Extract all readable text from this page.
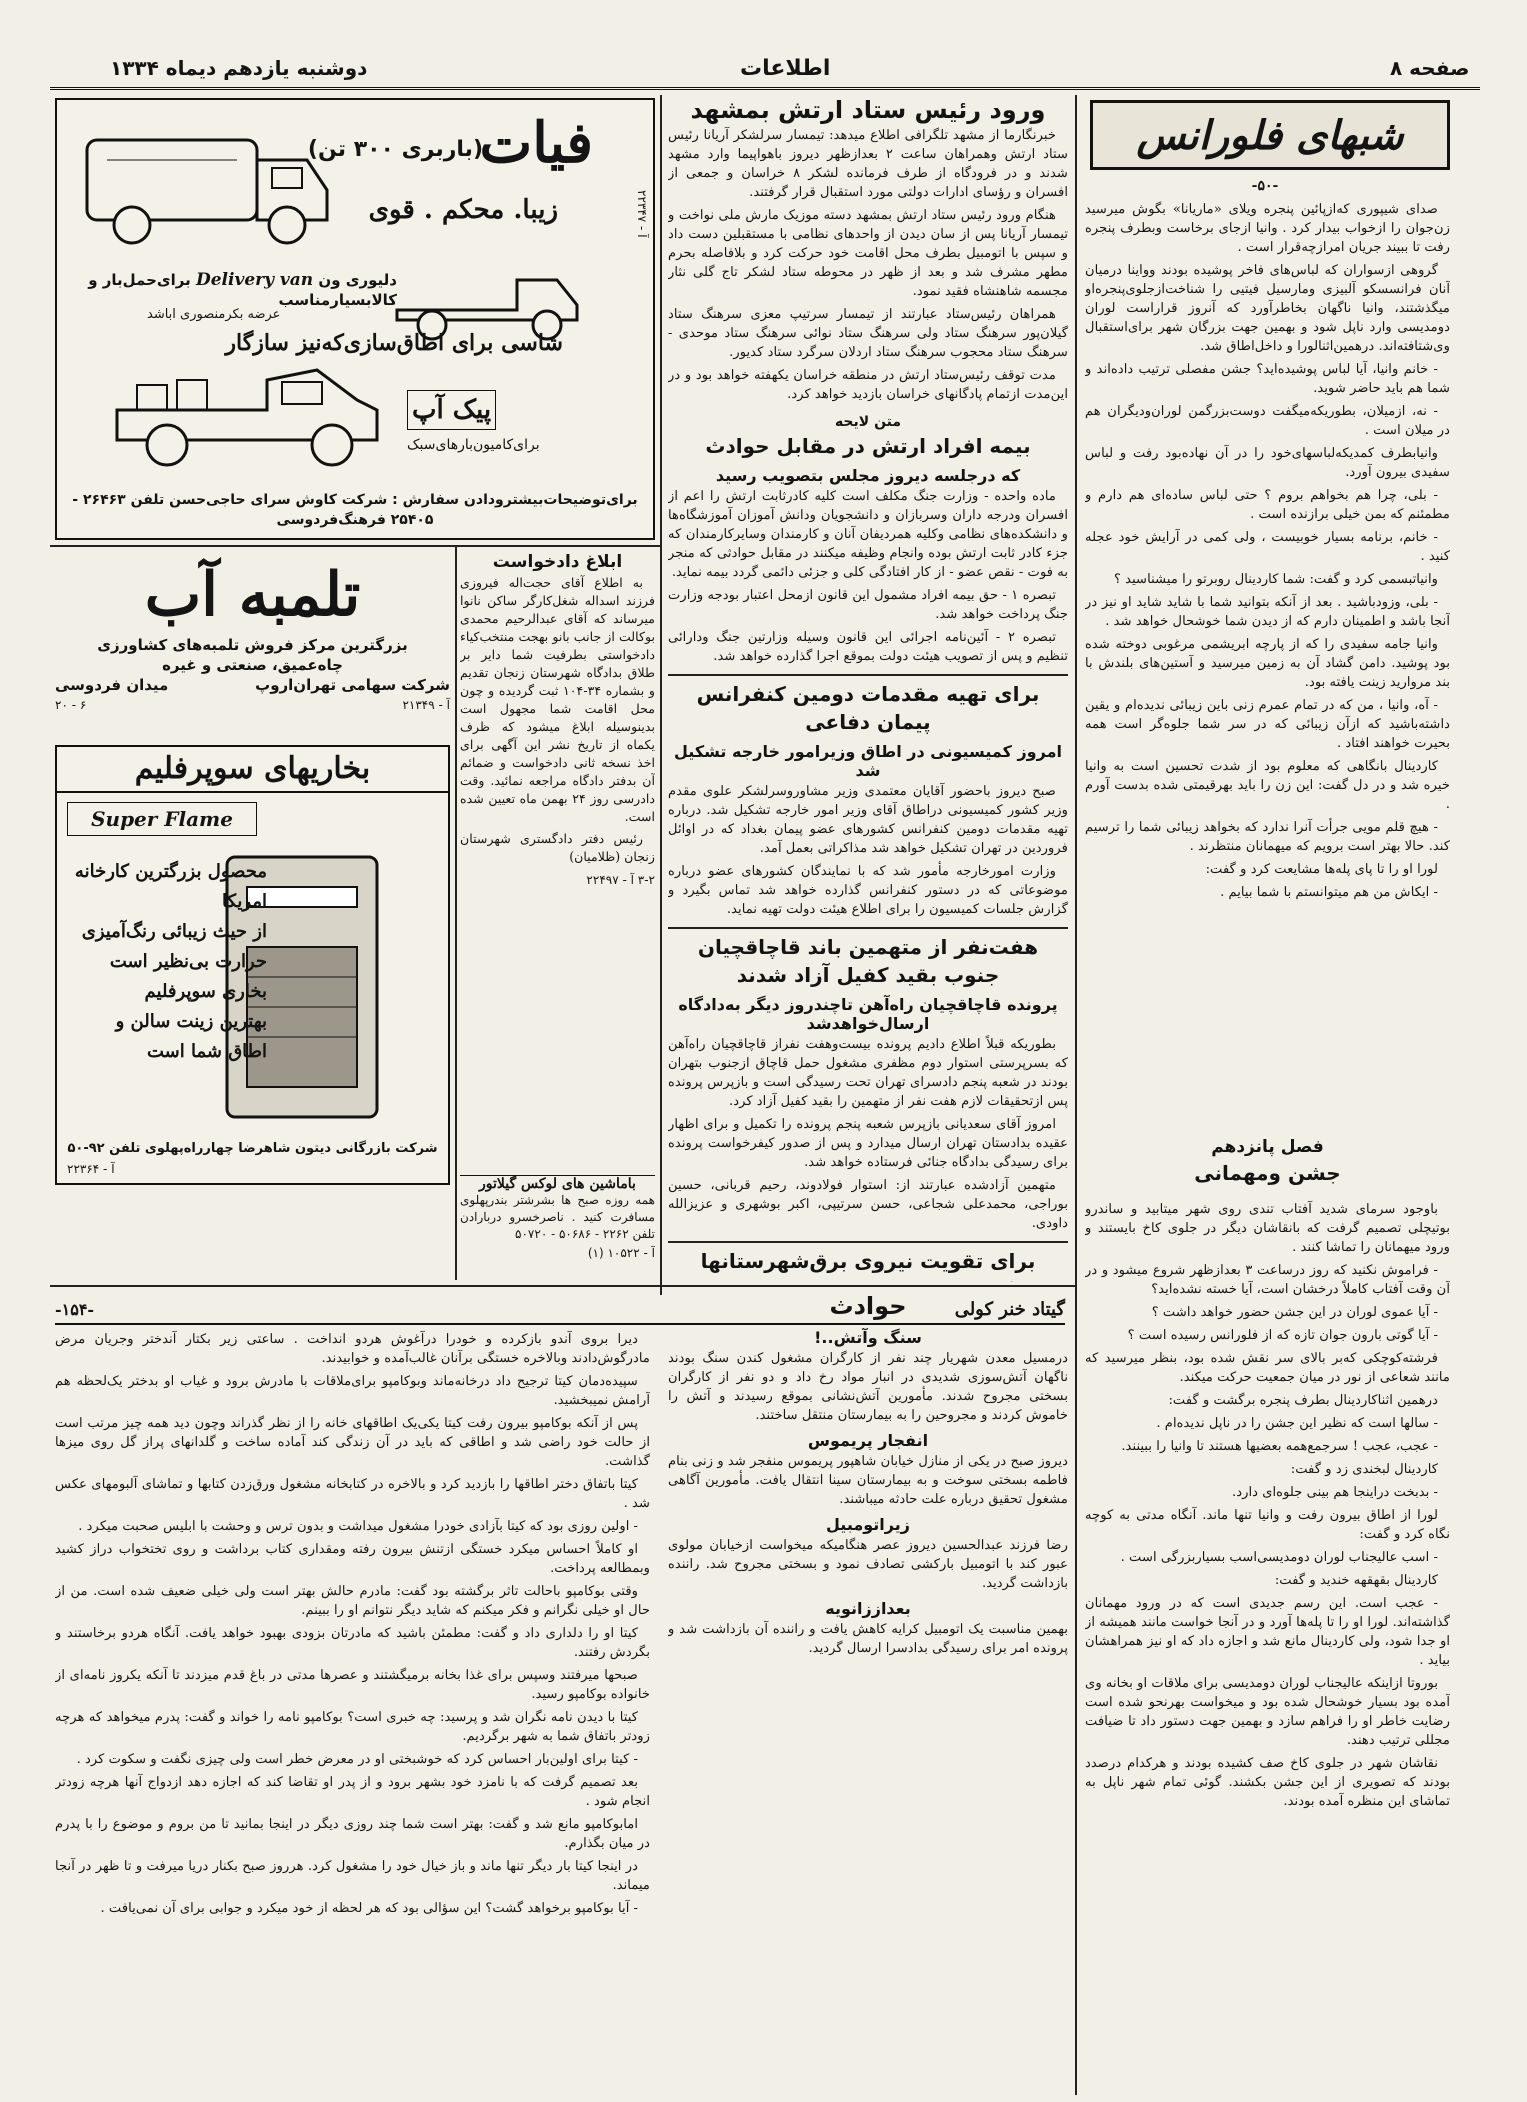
دوشنبه یازدهم دیماه ۱۳۳۴	اطلاعات	صفحه ۸
شبهای فلورانس
-۵۰-

صدای شیپوری که‌ازپائین پنجره ویلای «ماریانا» بگوش میرسید زن‌جوان را ازخواب بیدار کرد . وانیا ازجای برخاست وبطرف پنجره رفت تا ببیند جریان امراز‌چه‌قرار است .

گروهی ازسواران که لباس‌های فاخر پوشیده بودند وواینا درمیان آنان فرانسسکو آلبیزی ومارسیل فیتیی را شناخت‌ازجلوی‌پنجره‌او میگذشتند، وانیا ناگهان بخاطرآورد که آنروز قراراست لوران دومدیسی وارد ناپل شود و بهمین جهت بزرگان شهر‌ برای‌استقبال وی‌شتافته‌اند. درهمین‌اثنا‌لورا و داخل‌اطاق شد.

- خانم وانیا، آیا لباس پوشیده‌اید؟ جشن مفصلی ترتیب داده‌اند و شما هم باید حاضر شوید.

- نه، ازمیلان، بطوریکه‌میگفت دوست‌بزرگمن لوران‌ودیگران هم در میلان است .

وانیابطرف کمدیکه‌لباسهای‌خود را در آن نهاده‌بود رفت و لباس سفیدی بیرون آورد.

- بلی، چرا هم بخواهم بروم ؟ حتی لباس ساده‌ای هم دارم و مطمئنم که بمن خیلی برازنده است .

- خانم، برنامه بسیار خوبیست ، ولی کمی در آرایش خود عجله کنید .

وانیاتبسمی کرد و گفت: شما کاردینال روبرتو را میشناسید ؟

- بلی، وزودباشید . بعد از آنکه بتوانید شما با شاید شاید او نیز در آنجا باشد و اطمینان دارم که از دیدن شما خوشحال خواهد شد .

وانیا جامه سفیدی را که از پارچه ابریشمی مرغوبی دوخته شده بود پوشید. دامن گشاد آن به زمین میرسید و آستین‌های بلندش با بند مروارید زینت یافته بود.

- آه، وانیا ، من که در تمام عمرم زنی باین زیبائی ندیده‌ام و یقین داشته‌باشید که ازآن زیبائی که در سر شما جلوه‌گر است همه بحیرت خواهند افتاد .

کاردینال بانگاهی که معلوم بود از شدت تحسین است به وانیا خیره شد و در دل گفت: این زن را باید بهرقیمتی شده بدست آورم .

- هیچ قلم مویی جرأت آنرا ندارد که بخواهد زیبائی شما را ترسیم کند. حالا بهتر است برویم که میهمانان منتظرند .

لورا او را تا پای پله‌ها مشایعت کرد و گفت:

- ایکاش من هم میتوانستم با شما بیایم .

فصل پانزدهم
جشن ومهمانی

باوجود سرمای شدید آفتاب تندی روی شهر میتابید و ساندرو بوتیچلی تصمیم گرفت که بانقاشان دیگر در جلوی کاخ بایستند و ورود میهمانان را تماشا کنند .

- فراموش نکنید که روز درساعت ۳ بعدازظهر شروع میشود و در آن وقت آفتاب کاملاً درخشان است، آیا خسته نشده‌اید؟

- آیا عموی لوران در این جشن حضور خواهد داشت ؟

- آیا گوتی بارون جوان تازه که از فلورانس رسیده است ؟

فرشته‌کوچکی که‌بر بالای سر نقش شده بود، بنظر میرسید که مانند شعاعی از نور در میان جمعیت حرکت میکند.

درهمین اثناکاردینال بطرف پنجره برگشت و گفت:

- سالها است که نظیر این جشن را در ناپل ندیده‌ام .

- عجب، عجب ! سرجمع‌همه بعضیها هستند تا وانیا را ببینند.

کاردینال لبخندی زد و گفت:

- بدبخت دراینجا هم بینی جلوه‌ای دارد.

لورا از اطاق بیرون رفت و وانیا تنها ماند. آنگاه مدتی به کوچه نگاه کرد و گفت:

- اسب عالیجناب لوران دومدیسی‌اسب بسیاربزرگی است .

کاردینال بقهقهه خندید و گفت:

- عجب است. این رسم جدیدی است که در ورود مهمانان گذاشته‌اند. لورا او را تا پله‌ها آورد و در آنجا خواست مانند همیشه از او جدا شود، ولی کاردینال مانع شد و اجازه داد که او نیز همراهشان بیاید .

بوروتا ازاینکه عالیجناب لوران دومدیسی برای ملاقات او بخانه وی آمده بود بسیار خوشحال شده بود و میخواست بهرنحو شده است رضایت خاطر او را فراهم سازد و بهمین جهت دستور داد تا ضیافت مجللی ترتیب دهند.

نقاشان شهر در جلوی کاخ صف کشیده بودند و هرکدام درصدد بودند که تصویری از این جشن بکشند. گوئی تمام شهر ناپل به تماشای این منظره آمده بودند.

ورود رئیس ستاد ارتش بمشهد

خبرنگارما از مشهد تلگرافی اطلاع میدهد: تیمسار سرلشکر آریانا رئیس ستاد ارتش وهمراهان ساعت ۲ بعدازظهر دیروز باهواپیما وارد مشهد شدند و در فرودگاه از طرف فرمانده لشکر ۸ خراسان و جمعی از افسران و رؤسای ادارات دولتی مورد استقبال قرار گرفتند.

هنگام ورود رئیس ستاد ارتش بمشهد دسته موزیک مارش ملی نواخت و تیمسار آریانا پس از سان دیدن از واحدهای نظامی با مستقبلین دست داد و سپس با اتومبیل بطرف محل اقامت خود حرکت کرد و بلافاصله بحرم مطهر مشرف شد و بعد از ظهر در محوطه ستاد لشکر تاج گلی نثار مجسمه شاهنشاه فقید نمود.

همراهان رئیس‌ستاد عبارتند از تیمسار سرتیپ معزی سرهنگ ستاد گیلان‌پور سرهنگ ستاد ولی سرهنگ ستاد نوائی سرهنگ ستاد موحدی - سرهنگ ستاد محجوب سرهنگ ستاد اردلان سرگرد ستاد کدیور.

مدت توقف رئیس‌ستاد ارتش در منطقه خراسان یکهفته خواهد بود و در این‌مدت ازتمام پادگانهای خراسان بازدید خواهد کرد.

متن لایحه
بیمه افراد ارتش در مقابل حوادث
که درجلسه دیروز مجلس بتصویب رسید

ماده واحده - وزارت جنگ مکلف است کلیه کادرثابت ارتش را اعم از افسران ودرجه داران وسربازان و دانشجویان ودانش آموزان آموزشگاه‌ها و دانشکده‌های نظامی وکلیه همردیفان آنان و کارمندان وسایر‌کارمندان که جزء کادر ثابت ارتش بوده وانجام وظیفه میکنند در مقابل حوادثی که منجر به فوت - نقص عضو - از کار افتادگی کلی و جزئی دائمی گردد بیمه نماید.

تبصره ۱ - حق بیمه افراد مشمول این قانون ازمحل اعتبار بودجه وزارت جنگ پرداخت خواهد شد.

تبصره ۲ - آئین‌نامه اجرائی این قانون وسیله وزارتین جنگ ودارائی تنظیم و پس از تصویب هیئت دولت بموقع اجرا گذارده خواهد شد.

برای تهیه مقدمات دومین کنفرانس پیمان دفاعی
امروز کمیسیونی در اطاق وزیرامور خارجه تشکیل شد

صبح دیروز باحضور آقایان معتمدی وزیر مشاوروسرلشکر علوی مقدم وزیر کشور کمیسیونی دراطاق آقای وزیر امور خارجه تشکیل شد. درباره تهیه مقدمات دومین کنفرانس کشورهای عضو پیمان بغداد که در اوائل فروردین در تهران تشکیل خواهد شد مذاکراتی بعمل آمد.

وزارت امورخارجه مأمور شد که با نمایندگان کشورهای عضو درباره موضوعاتی که در دستور کنفرانس گذارده خواهد شد تماس بگیرد و گزارش جلسات کمیسیون را برای اطلاع هیئت دولت تهیه نماید.

هفت‌نفر از متهمین باند قاچاقچیان
جنوب بقید کفیل آزاد شدند
پرونده قاچاقچیان راه‌آهن تاچندروز دیگر به‌دادگاه ارسال‌خواهدشد

بطوریکه قبلاً اطلاع دادیم پرونده بیست‌وهفت نفراز قاچاقچیان راه‌آهن که بسرپرستی استوار دوم مظفری مشغول حمل قاچاق ازجنوب بتهران بودند در شعبه پنجم دادسرای تهران تحت رسیدگی است و بازپرس پرونده پس ازتحقیقات لازم هفت نفر از متهمین را بقید کفیل آزاد کرد.

امروز آقای سعدیانی بازپرس شعبه پنجم پرونده را تکمیل و برای اظهار عقیده بدادستان تهران ارسال میدارد و پس از صدور کیفرخواست پرونده برای رسیدگی بدادگاه جنائی فرستاده خواهد شد.

متهمین آزادشده عبارتند از: استوار فولادوند، رحیم قربانی، حسین بوراجی، محمدعلی شجاعی، حسن سرتیپی، اکبر بوشهری و عزیزالله داودی.

برای تقویت نیروی برق‌شهرستانها

حوادث
سنگ وآتش..!
درمسیل معدن شهریار چند نفر از کارگران مشغول کندن سنگ بودند ناگهان آتش‌سوزی شدیدی در انبار مواد رخ داد و دو نفر از کارگران بسختی مجروح شدند. مأمورین آتش‌نشانی بموقع رسیدند و آتش را خاموش کردند و مجروحین را به بیمارستان منتقل ساختند.
انفجار پریموس
دیروز صبح در یکی از منازل خیابان شاهپور پریموس منفجر شد و زنی بنام فاطمه بسختی سوخت و به بیمارستان سینا انتقال یافت. مأمورین آگاهی مشغول تحقیق درباره علت حادثه میباشند.
زیراتومبیل
رضا فرزند عبدالحسین دیروز عصر هنگامیکه میخواست ازخیابان مولوی عبور کند با اتومبیل بارکشی تصادف نمود و بسختی مجروح شد. راننده بازداشت گردید.
بعداززانویه
بهمین مناسبت یک اتومبیل کرایه کاهش یافت و راننده آن بازداشت شد و پرونده امر برای رسیدگی بدادسرا ارسال گردید.
فیات
(باربری ۳۰۰ تن)
زیبا. محکم . قوی
دلیوری ون Delivery van برای‌حمل‌بار و کالا‌بسیار‌مناسب
عرضه بکرمنصوری اباشد
شاسی برای اطاق‌سازی‌که‌نیز سازگار
پیک آپ
برای‌کامیون‌بارهای‌سبک
برای‌توضیحات‌بیشتر‌و‌دادن سفارش : شرکت کاوش سرای حاجی‌حسن تلفن ۲۶۴۶۳ - ۲۵۴۰۵ فرهنگ‌فردوسی
آ - ۲۲۳۴۷
ابلاغ دادخواست

به اطلاع آقای حجت‌اله فیروزی فرزند اسداله شغل‌کارگر ساکن نانوا میرساند که آقای عبدالرحیم محمدی بوکالت از جانب بانو بهجت منتخب‌کیاء دادخواستی بطرفیت شما دایر بر طلاق بدادگاه شهرستان زنجان تقدیم و بشماره ۳۴-۱۰۴ ثبت گردیده و چون محل اقامت شما مجهول است بدینوسیله ابلاغ میشود که ظرف یکماه از تاریخ نشر این آگهی برای اخذ نسخه ثانی دادخواست و ضمائم آن بدفتر دادگاه مراجعه نمائید. وقت دادرسی روز ۲۴ بهمن ماه تعیین شده است.

رئیس دفتر دادگستری شهرستان زنجان (ظلامیان)

۳-۲ آ - ۲۲۴۹۷
تلمبه آب
بزرگترین مرکز فروش تلمبه‌های کشاورزی
چاه‌عمیق، صنعتی و غیره
شرکت سهامی تهران‌اروپ
میدان فردوسی
آ - ۲۱۳۴۹
۶ - ۲۰
بخاریهای سوپرفلیم
Super Flame
محصول بزرگترین کارخانه امریکا
از حیث زیبائی رنگ‌آمیزی
حرارت بی‌نظیر است
بخاری سوپرفلیم
بهترین زینت سالن و
اطاق شما است
شرکت بازرگانی دیتون شاهرضا چهارراه‌پهلوی تلفن ۹۲-۵۰
آ - ۲۲۳۶۴
باماشین های لوکس گیلاتور
همه روزه صبح ها بشرشتر بندرپهلوی مسافرت کنید . ناصرخسرو دربارادن تلفن ۲۲۶۲ - ۵۰۶۸۶ - ۵۰۷۲۰
آ - ۱۰۵۲۲ (۱)
-۱۵۴-	گیتاد خنر کولی

دیرا بروی آندو بازکرده و خودرا درآغوش هردو انداخت . ساعتی زیر بکتار آندختر وجریان مرض مادرگوش‌دادند وبالاخره خستگی برآنان غالب‌آمده و خوابیدند.

سپیده‌دمان کیتا ترجیح داد درخانه‌ماند وبوکامپو برای‌ملاقات با مادرش برود و غیاب او بدختر یک‌لحظه هم آرامش نمیبخشید.

پس از آنکه بوکامپو بیرون رفت کیتا یکی‌یک اطاقهای خانه را از نظر گذراند وچون دید همه چیز مرتب است از حالت خود راضی شد و اطاقی که باید در آن زندگی کند آماده ساخت و گلدانهای پراز گل روی میزها گذاشت.

کیتا باتفاق دختر اطاقها را بازدید کرد و بالاخره در کتابخانه مشغول ورق‌زدن کتابها و تماشای آلبومهای عکس شد .

- اولین روزی بود که کیتا بآزادی خودرا مشغول میداشت و بدون ترس و وحشت با ابلیس صحبت میکرد .

او کاملاً احساس میکرد خستگی ازتنش بیرون رفته ومقداری کتاب برداشت و روی تختخواب دراز کشید وبمطالعه پرداخت.

وقتی بوکامپو باحالت تاثر برگشته بود گفت: مادرم حالش بهتر است ولی خیلی ضعیف شده است. من از حال او خیلی نگرانم و فکر میکنم که شاید دیگر نتوانم او را ببینم.

کیتا او را دلداری داد و گفت: مطمئن باشید که مادرتان بزودی بهبود خواهد یافت. آنگاه هردو برخاستند و بگردش رفتند.

صبحها میرفتند وسپس برای غذا بخانه برمیگشتند و عصرها مدتی در باغ قدم میزدند تا آنکه یکروز نامه‌ای از خانواده بوکامپو رسید.

کیتا با دیدن نامه نگران شد و پرسید: چه خبری است؟ بوکامپو نامه را خواند و گفت: پدرم میخواهد که هرچه زودتر باتفاق شما به شهر برگردیم.

- کیتا برای اولین‌بار احساس کرد که خوشبختی او در معرض خطر است ولی چیزی نگفت و سکوت کرد .

بعد تصمیم گرفت که با نامزد خود بشهر برود و از پدر او تقاضا کند که اجازه دهد ازدواج آنها هرچه زودتر انجام شود .

امابوکامپو مانع شد و گفت: بهتر است شما چند روزی دیگر در اینجا بمانید تا من بروم و موضوع را با پدرم در میان بگذارم.

در اینجا کیتا بار دیگر تنها ماند و باز خیال خود را مشغول کرد. هرروز صبح بکنار دریا میرفت و تا ظهر در آنجا میماند.

- آیا بوکامپو برخواهد گشت؟ این سؤالی بود که هر لحظه از خود میکرد و جوابی برای آن نمی‌یافت .
